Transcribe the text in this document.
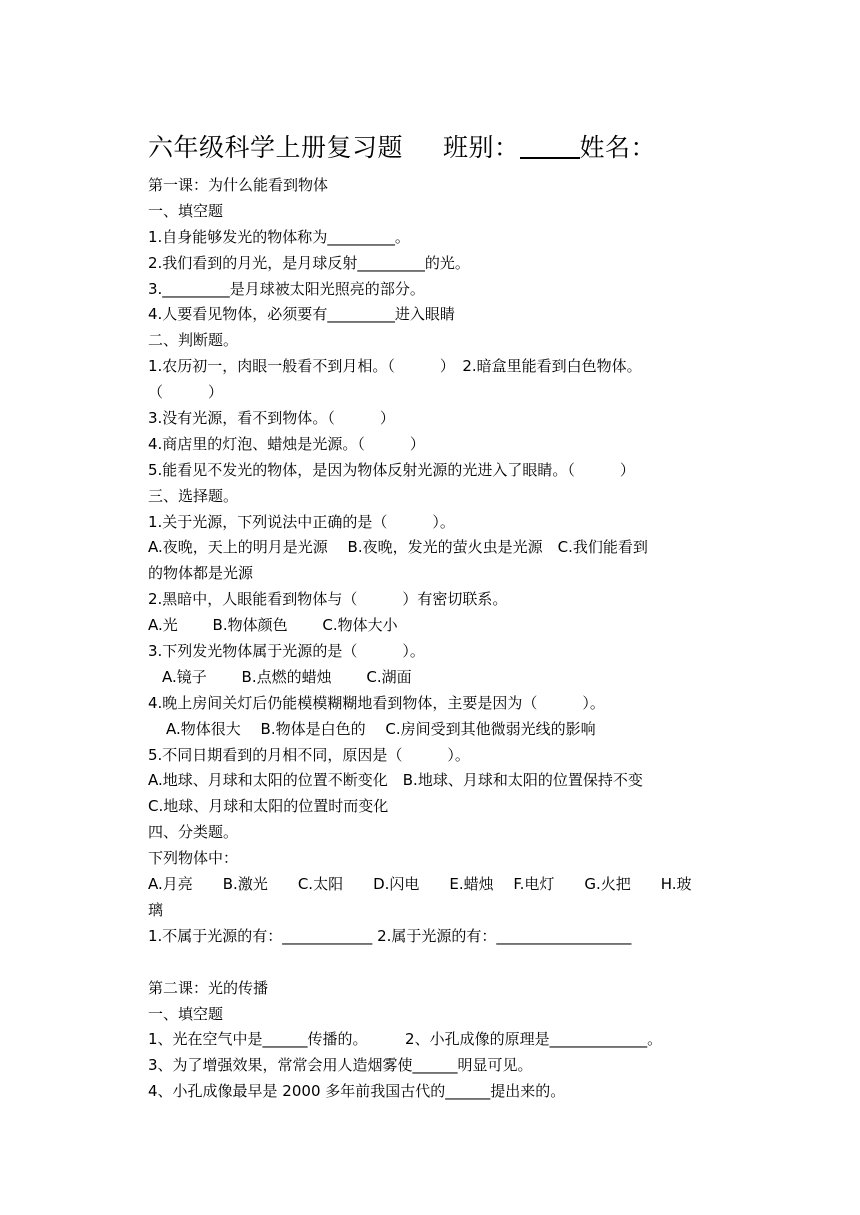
六年级科学上册复习题 班别： 姓名：
第一课：为什么能看到物体
一、填空题
1.自身能够发光的物体称为_________。
2.我们看到的月光，是月球反射_________的光。
3._________是月球被太阳光照亮的部分。
4.人要看见物体，必须要有_________进入眼睛
二、判断题。
1.农历初一，肉眼一般看不到月相。（　　　）　2.暗盒里能看到白色物体。
（　　　）
3.没有光源，看不到物体。（　　　）
4.商店里的灯泡、蜡烛是光源。（　　　）
5.能看见不发光的物体，是因为物体反射光源的光进入了眼睛。（　　　）
三、选择题。
1.关于光源，下列说法中正确的是（　　　）。
A.夜晚，天上的明月是光源　 B.夜晚，发光的萤火虫是光源　C.我们能看到
的物体都是光源
2.黑暗中，人眼能看到物体与（　　　）有密切联系。
A.光　　 B.物体颜色　　 C.物体大小
3.下列发光物体属于光源的是（　　　）。
A.镜子　　 B.点燃的蜡烛　　 C.湖面
4.晚上房间关灯后仍能模模糊糊地看到物体，主要是因为（　　　）。
A.物体很大　 B.物体是白色的　 C.房间受到其他微弱光线的影响
5.不同日期看到的月相不同，原因是（　　　）。
A.地球、月球和太阳的位置不断变化　B.地球、月球和太阳的位置保持不变
C.地球、月球和太阳的位置时而变化
四、分类题。
下列物体中：
A.月亮　　B.激光　　C.太阳　　D.闪电　　E.蜡烛　 F.电灯　　G.火把　　H.玻
璃
1.不属于光源的有：____________ 2.属于光源的有：__________________
第二课：光的传播
一、填空题
1、光在空气中是______传播的。　　　2、小孔成像的原理是_____________。
3、为了增强效果，常常会用人造烟雾使______明显可见。
4、小孔成像最早是 2000 多年前我国古代的______提出来的。
